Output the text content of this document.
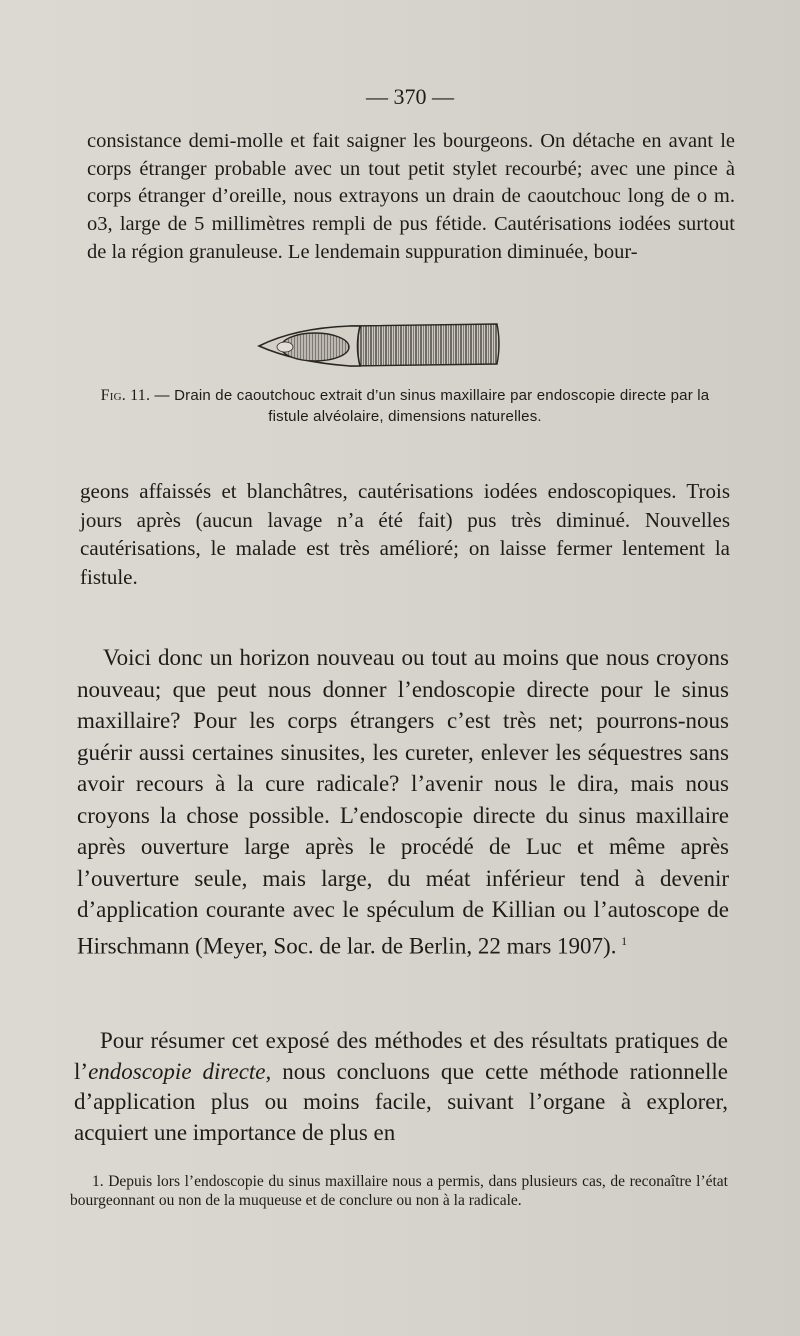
— 370 —

consistance demi-molle et fait saigner les bourgeons. On détache en avant le corps étranger probable avec un tout petit stylet recourbé; avec une pince à corps étranger d’oreille, nous extrayons un drain de caoutchouc long de o m. o3, large de 5 millimètres rempli de pus fétide. Cautérisations iodées surtout de la région granuleuse. Le lendemain suppuration diminuée, bour-

Fig. 11. — Drain de caoutchouc extrait d’un sinus maxillaire par endoscopie directe par la fistule alvéolaire, dimensions naturelles.

geons affaissés et blanchâtres, cautérisations iodées endoscopiques. Trois jours après (aucun lavage n’a été fait) pus très diminué. Nouvelles cautérisations, le malade est très amélioré; on laisse fermer lentement la fistule.

Voici donc un horizon nouveau ou tout au moins que nous croyons nouveau; que peut nous donner l’endoscopie directe pour le sinus maxillaire? Pour les corps étrangers c’est très net; pourrons-nous guérir aussi certaines sinusites, les cureter, enlever les séquestres sans avoir recours à la cure radicale? l’avenir nous le dira, mais nous croyons la chose possible. L’endoscopie directe du sinus maxillaire après ouverture large après le procédé de Luc et même après l’ouverture seule, mais large, du méat inférieur tend à devenir d’application courante avec le spéculum de Killian ou l’autoscope de Hirschmann (Meyer, Soc. de lar. de Berlin, 22 mars 1907).  $^1$

Pour résumer cet exposé des méthodes et des résultats pratiques de l’endoscopie directe, nous concluons que cette méthode rationnelle d’application plus ou moins facile, suivant l’organe à explorer, acquiert une importance de plus en

1. Depuis lors l’endoscopie du sinus maxillaire nous a permis, dans plusieurs cas, de reconaître l’état bourgeonnant ou non de la muqueuse et de conclure ou non à la radicale.
